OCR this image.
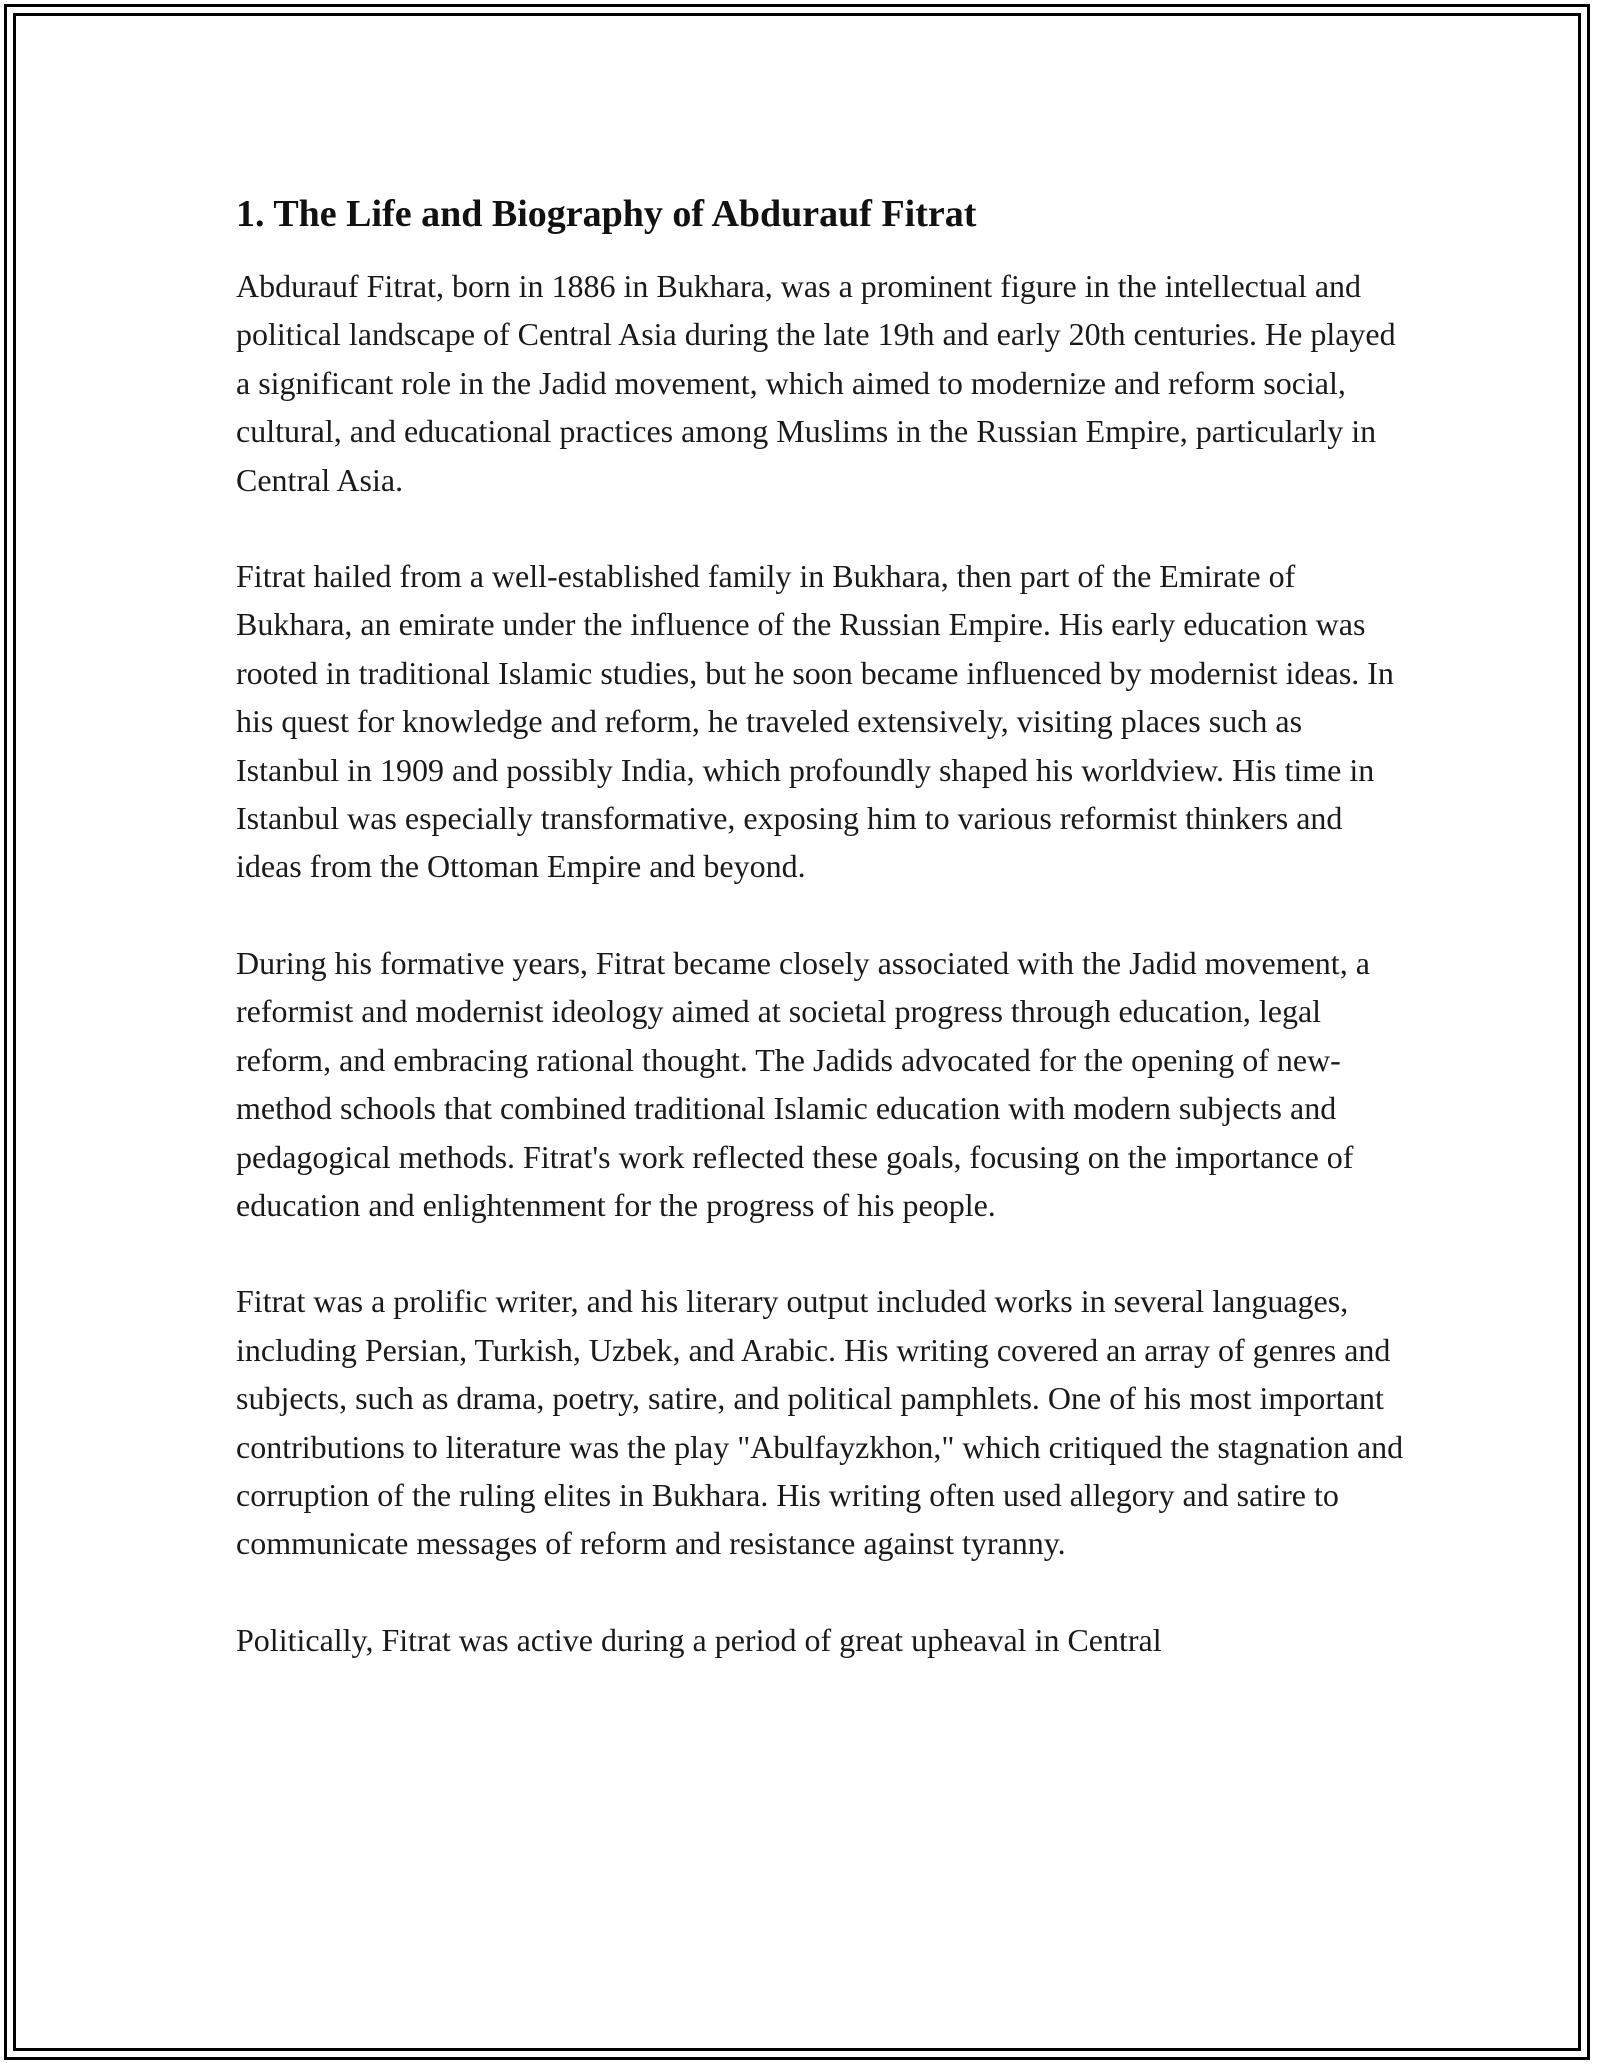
1. The Life and Biography of Abdurauf Fitrat

Abdurauf Fitrat, born in 1886 in Bukhara, was a prominent figure in the intellectual and political landscape of Central Asia during the late 19th and early 20th centuries. He played a significant role in the Jadid movement, which aimed to modernize and reform social, cultural, and educational practices among Muslims in the Russian Empire, particularly in Central Asia.

Fitrat hailed from a well-established family in Bukhara, then part of the Emirate of Bukhara, an emirate under the influence of the Russian Empire. His early education was rooted in traditional Islamic studies, but he soon became influenced by modernist ideas. In his quest for knowledge and reform, he traveled extensively, visiting places such as Istanbul in 1909 and possibly India, which profoundly shaped his worldview. His time in Istanbul was especially transformative, exposing him to various reformist thinkers and ideas from the Ottoman Empire and beyond.

During his formative years, Fitrat became closely associated with the Jadid movement, a reformist and modernist ideology aimed at societal progress through education, legal reform, and embracing rational thought. The Jadids advocated for the opening of new-method schools that combined traditional Islamic education with modern subjects and pedagogical methods. Fitrat's work reflected these goals, focusing on the importance of education and enlightenment for the progress of his people.

Fitrat was a prolific writer, and his literary output included works in several languages, including Persian, Turkish, Uzbek, and Arabic. His writing covered an array of genres and subjects, such as drama, poetry, satire, and political pamphlets. One of his most important contributions to literature was the play "Abulfayzkhon," which critiqued the stagnation and corruption of the ruling elites in Bukhara. His writing often used allegory and satire to communicate messages of reform and resistance against tyranny.

Politically, Fitrat was active during a period of great upheaval in Central
